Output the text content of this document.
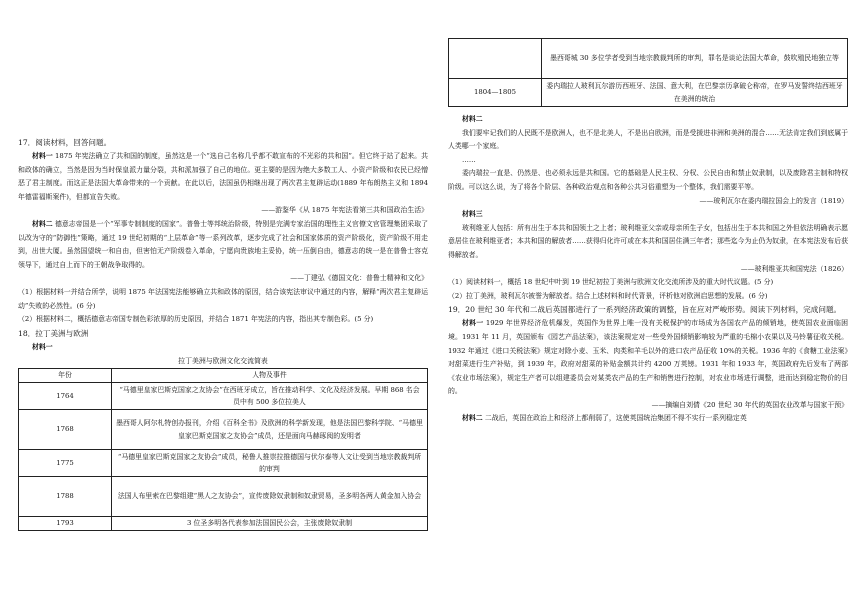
17．阅读材料，回答问题。

材料一 1875 年宪法确立了共和国的制度，虽然这是一个“选自己名称几乎都不敢宣布的不光彩的共和国”。但它终于站了起来。共和政体的确立，当然是因为当时保皇派力量分裂，共和派加强了自己的地位。更主要的是因为绝大多数工人、小资产阶级和农民已经憎恶了君主制度。而这正是法国大革命带来的一个贡献。在此以后，法国虽仍相继出现了两次君主复辟运动(1889 年布朗热主义和 1894 年德雷福斯案件)，但都宣告失败。

——游鉴华《从 1875 年宪法看第三共和国政治生活》

材料二 德意志帝国是一个“军事专制制度的国家”。普鲁士等邦统治阶级，特别是完满专家治国的理性主义官僚文官管理集团采取了以改为守的“防御性”策略，通过 19 世纪初期的“上层革命”等一系列改革，逐步完成了社会和国家体质的资产阶级化，资产阶级不用走到，出世大厦。虽然国望统一和自由，但害怕无产阶级卷入革命，宁愿向贵族地主妥协，统一压倒自由，德意志的统一是在普鲁士容克领导下，通过自上而下的王朝战争取得的。

——丁建弘《德国文化：普鲁士精神和文化》

（1）根据材料一并结合所学，说明 1875 年法国宪法能够确立共和政体的原因，结合该宪法审议中通过的内容，解释“两次君主复辟运动”失败的必然性。(6 分)

（2）根据材料二，概括德意志帝国专制色彩浓厚的历史原因，并结合 1871 年宪法的内容，指出其专制色彩。(5 分)

18．拉丁美洲与欧洲

材料一

拉丁美洲与欧洲文化交流简表

年份	人物及事件
1764	“马德里皇家巴斯克国家之友协会”在西班牙成立，旨在推动科学、文化及经济发展。早期 868 名会员中有 500 多位拉美人
1768	墨西哥人阿尔札特创办报刊，介绍《百科全书》及欧洲的科学新发现，他是法国巴黎科学院、“马德里皇家巴斯克国家之友协会”成员，还是面向马赫琢阅的发明者
1775	“马德里皇家巴斯克国家之友协会”成员，秘鲁人推崇拉推德国与伏尔泰等人文让受到当地宗教裁判所的审判
1788	法国人布里索在巴黎组建“黑人之友协会”，宣传废除奴隶制和奴隶贸易，圣多明各两人黄金加入协会
1793	3 位圣多明各代表参加法国国民公会，主张废除奴隶制
	墨西哥城 30 多位学者受到当地宗教裁判所的审判，罪名是谈论法国大革命，鼓吹殖民地独立等
1804—1805	委内瑞拉人玻利瓦尔游历西班牙、法国、意大利，在巴黎亲历拿破仑称帝，在罗马发誓终结西班牙在美洲的统治

材料二

我们要牢记我们的人民既不是欧洲人，也不是北美人，不是出自欧洲，而是受援进非洲和美洲的混合……无法肯定我们到底属于人类哪一个家庭。

……

委内瑞拉一直是、仍然是、也必须永远是共和国。它的基础是人民主权、分权、公民自由和禁止奴隶制，以及废除君主制和特权阶级。可以这么说，为了将各个阶层、各种政治观点和各种公共习俗重塑为一个整体，我们需要平等。

——玻利瓦尔在委内瑞拉国会上的发言（1819）

材料三

玻利维亚人包括：所有出生于本共和国领土之上者；玻利维亚父亲或母亲所生子女，包括出生于本共和国之外但依法明确表示愿意居住在玻利维亚者；本共和国的解放者……获得归化许可或在本共和国居住满三年者；那些迄今为止仍为奴隶，在本宪法发布后获得解放者。

——玻利维亚共和国宪法（1826）

（1）阅读材料一，概括 18 世纪中叶到 19 世纪初拉丁美洲与欧洲文化交流所涉及的重大时代议题。(5 分)

（2）拉丁美洲，玻利瓦尔被誉为解放者。结合上述材料和时代背景，评析他对欧洲启思想的发展。(6 分)

19．20 世纪 30 年代和二战后英国都进行了一系列经济政策的调整，旨在应对严峻形势。阅读下列材料，完成问题。

材料一 1929 年世界经济危机爆发，英国作为世界上唯一没有关税保护的市场成为各国农产品的倾销地，使英国农业面临困境。1931 年 11 月，英国颁布《园艺产品法案》，该法案规定对一些受外国倾销影响较为严重的毛棉小农果以及马铃薯征收关税。1932 年通过《进口关税法案》规定对除小麦、玉米、肉类和羊毛以外的进口农产品征收 10%的关税。1936 年的《食糖工业法案》对甜菜进行生产补贴，到 1939 年，政府对甜菜的补贴金额共计约 4200 万英镑。1931 年和 1933 年，英国政府先后发布了两部《农业市场法案》，规定生产者可以组建委员会对某类农产品的生产和销售进行控制，对农业市场进行调整，进而达到稳定物价的目的。

——摘编自刘倩《20 世纪 30 年代的英国农业改革与国家干预》

材料二 二战后，英国在政治上和经济上都削弱了，这使英国统治集团不得不实行一系列稳定英
